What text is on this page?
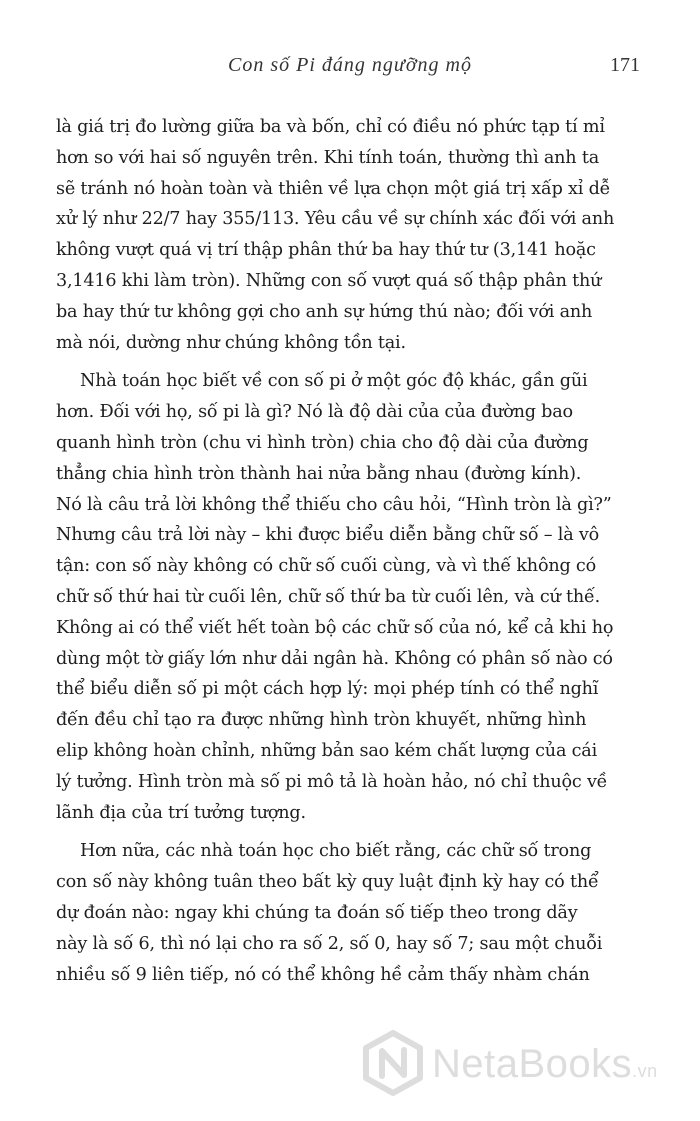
Con số Pi đáng ngưỡng mộ	171
là giá trị đo lường giữa ba và bốn, chỉ có điều nó phức tạp tí mỉ
hơn so với hai số nguyên trên. Khi tính toán, thường thì anh ta
sẽ tránh nó hoàn toàn và thiên về lựa chọn một giá trị xấp xỉ dễ
xử lý như 22/7 hay 355/113. Yêu cầu về sự chính xác đối với anh
không vượt quá vị trí thập phân thứ ba hay thứ tư (3,141 hoặc
3,1416 khi làm tròn). Những con số vượt quá số thập phân thứ
ba hay thứ tư không gợi cho anh sự hứng thú nào; đối với anh
mà nói, dường như chúng không tồn tại.
Nhà toán học biết về con số pi ở một góc độ khác, gần gũi
hơn. Đối với họ, số pi là gì? Nó là độ dài của của đường bao
quanh hình tròn (chu vi hình tròn) chia cho độ dài của đường
thẳng chia hình tròn thành hai nửa bằng nhau (đường kính).
Nó là câu trả lời không thể thiếu cho câu hỏi, “Hình tròn là gì?”
Nhưng câu trả lời này – khi được biểu diễn bằng chữ số – là vô
tận: con số này không có chữ số cuối cùng, và vì thế không có
chữ số thứ hai từ cuối lên, chữ số thứ ba từ cuối lên, và cứ thế.
Không ai có thể viết hết toàn bộ các chữ số của nó, kể cả khi họ
dùng một tờ giấy lớn như dải ngân hà. Không có phân số nào có
thể biểu diễn số pi một cách hợp lý: mọi phép tính có thể nghĩ
đến đều chỉ tạo ra được những hình tròn khuyết, những hình
elip không hoàn chỉnh, những bản sao kém chất lượng của cái
lý tưởng. Hình tròn mà số pi mô tả là hoàn hảo, nó chỉ thuộc về
lãnh địa của trí tưởng tượng.
Hơn nữa, các nhà toán học cho biết rằng, các chữ số trong
con số này không tuân theo bất kỳ quy luật định kỳ hay có thể
dự đoán nào: ngay khi chúng ta đoán số tiếp theo trong dãy
này là số 6, thì nó lại cho ra số 2, số 0, hay số 7; sau một chuỗi
nhiều số 9 liên tiếp, nó có thể không hề cảm thấy nhàm chán
NetaBooks.vn
